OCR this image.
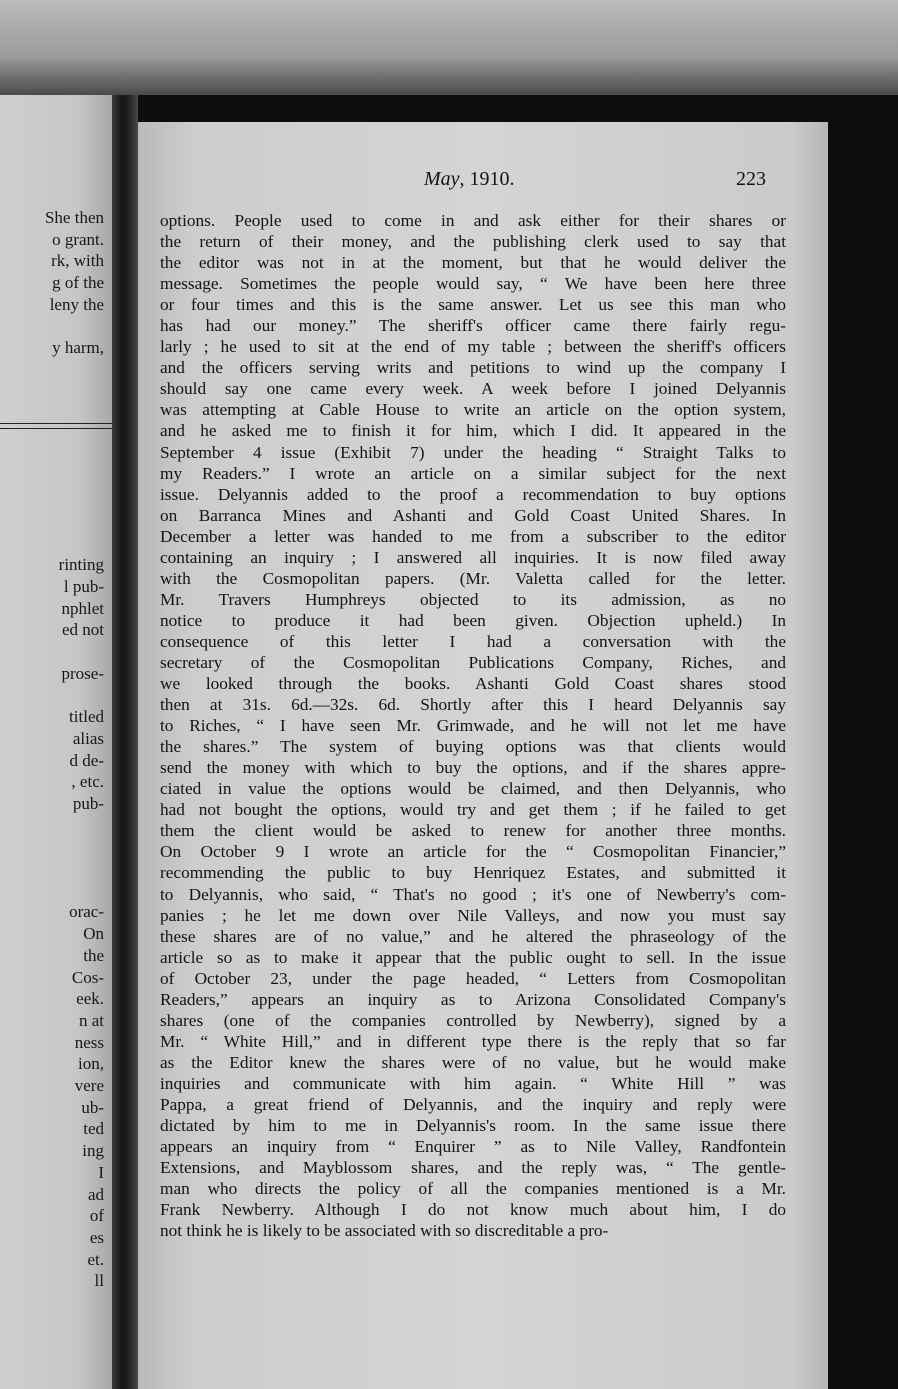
She then
o grant.
rk, with
g of the
leny the
y harm,
rinting
l pub-
nphlet
ed not
prose-
titled
alias
d de-
, etc.
pub-
orac-
On
the
Cos-
eek.
n at
ness
ion,
vere
ub-
ted
ing
I
ad
of
es
et.
ll
May, 1910.	223
options. People used to come in and ask either for their shares or
the return of their money, and the publishing clerk used to say that
the editor was not in at the moment, but that he would deliver the
message. Sometimes the people would say, “ We have been here three
or four times and this is the same answer. Let us see this man who
has had our money.” The sheriff's officer came there fairly regu-
larly ; he used to sit at the end of my table ; between the sheriff's officers
and the officers serving writs and petitions to wind up the company I
should say one came every week. A week before I joined Delyannis
was attempting at Cable House to write an article on the option system,
and he asked me to finish it for him, which I did. It appeared in the
September 4 issue (Exhibit 7) under the heading “ Straight Talks to
my Readers.” I wrote an article on a similar subject for the next
issue. Delyannis added to the proof a recommendation to buy options
on Barranca Mines and Ashanti and Gold Coast United Shares. In
December a letter was handed to me from a subscriber to the editor
containing an inquiry ; I answered all inquiries. It is now filed away
with the Cosmopolitan papers. (Mr. Valetta called for the letter.
Mr. Travers Humphreys objected to its admission, as no
notice to produce it had been given. Objection upheld.) In
consequence of this letter I had a conversation with the
secretary of the Cosmopolitan Publications Company, Riches, and
we looked through the books. Ashanti Gold Coast shares stood
then at 31s. 6d.—32s. 6d. Shortly after this I heard Delyannis say
to Riches, “ I have seen Mr. Grimwade, and he will not let me have
the shares.” The system of buying options was that clients would
send the money with which to buy the options, and if the shares appre-
ciated in value the options would be claimed, and then Delyannis, who
had not bought the options, would try and get them ; if he failed to get
them the client would be asked to renew for another three months.
On October 9 I wrote an article for the “ Cosmopolitan Financier,”
recommending the public to buy Henriquez Estates, and submitted it
to Delyannis, who said, “ That's no good ; it's one of Newberry's com-
panies ; he let me down over Nile Valleys, and now you must say
these shares are of no value,” and he altered the phraseology of the
article so as to make it appear that the public ought to sell. In the issue
of October 23, under the page headed, “ Letters from Cosmopolitan
Readers,” appears an inquiry as to Arizona Consolidated Company's
shares (one of the companies controlled by Newberry), signed by a
Mr. “ White Hill,” and in different type there is the reply that so far
as the Editor knew the shares were of no value, but he would make
inquiries and communicate with him again. “ White Hill ” was
Pappa, a great friend of Delyannis, and the inquiry and reply were
dictated by him to me in Delyannis's room. In the same issue there
appears an inquiry from “ Enquirer ” as to Nile Valley, Randfontein
Extensions, and Mayblossom shares, and the reply was, “ The gentle-
man who directs the policy of all the companies mentioned is a Mr.
Frank Newberry. Although I do not know much about him, I do
not think he is likely to be associated with so discreditable a pro-
